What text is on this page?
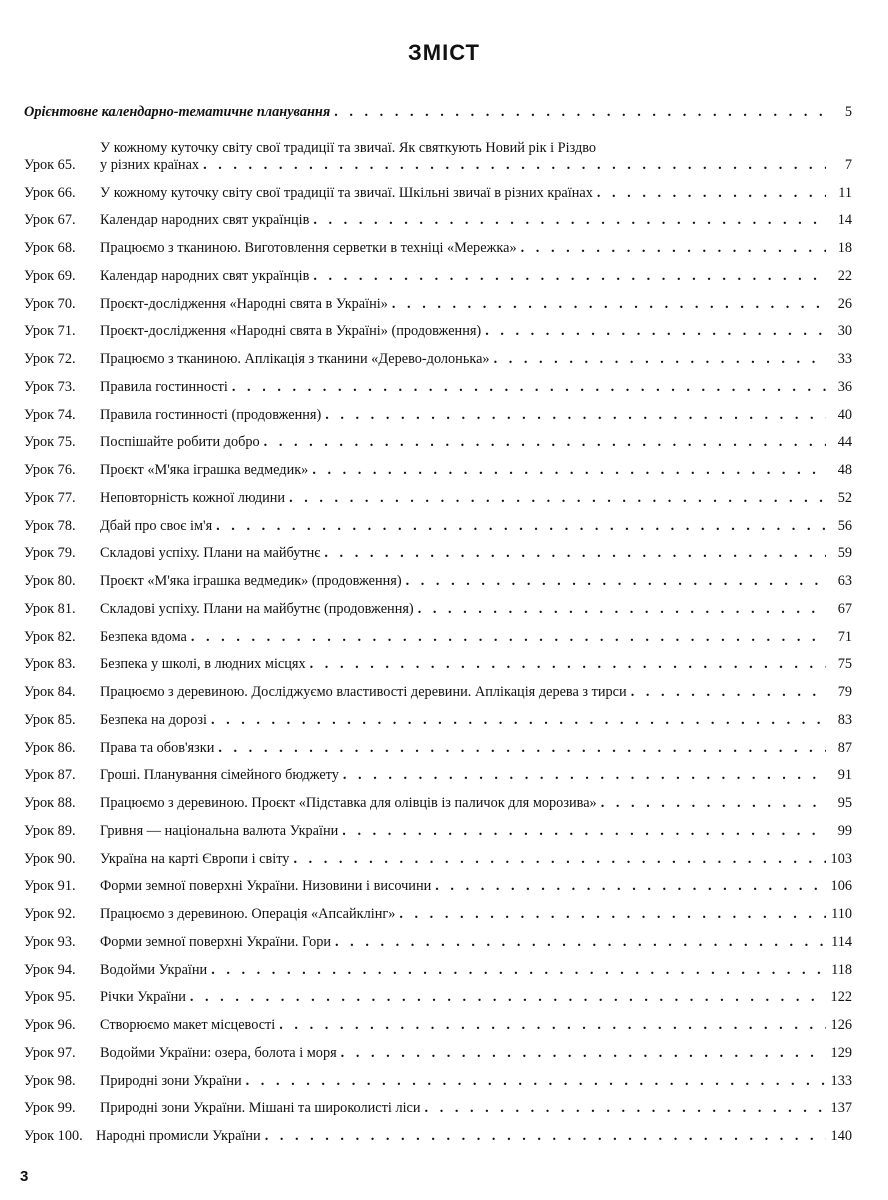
ЗМІСТ
Орієнтовне календарно-тематичне планування . . .	5
Урок 65.
У кожному куточку світу свої традиції та звичаї. Як святкують Новий рік і Різдво
у різних країнах . . .	7
Урок 66.	У кожному куточку світу свої традиції та звичаї. Шкільні звичаї в різних країнах . . .	11
Урок 67.	Календар народних свят українців . . .	14
Урок 68.	Працюємо з тканиною. Виготовлення серветки в техніці «Мережка» . . .	18
Урок 69.	Календар народних свят українців . . .	22
Урок 70.	Проєкт-дослідження «Народні свята в Україні» . . .	26
Урок 71.	Проєкт-дослідження «Народні свята в Україні» (продовження) . . .	30
Урок 72.	Працюємо з тканиною. Аплікація з тканини «Дерево-долонька» . . .	33
Урок 73.	Правила гостинності . . .	36
Урок 74.	Правила гостинності (продовження) . . .	40
Урок 75.	Поспішайте робити добро . . .	44
Урок 76.	Проєкт «М'яка іграшка ведмедик» . . .	48
Урок 77.	Неповторність кожної людини . . .	52
Урок 78.	Дбай про своє ім'я . . .	56
Урок 79.	Складові успіху. Плани на майбутнє . . .	59
Урок 80.	Проєкт «М'яка іграшка ведмедик» (продовження) . . .	63
Урок 81.	Складові успіху. Плани на майбутнє (продовження) . . .	67
Урок 82.	Безпека вдома . . .	71
Урок 83.	Безпека у школі, в людних місцях . . .	75
Урок 84.	Працюємо з деревиною. Досліджуємо властивості деревини. Аплікація дерева з тирси . . .	79
Урок 85.	Безпека на дорозі . . .	83
Урок 86.	Права та обов'язки . . .	87
Урок 87.	Гроші. Планування сімейного бюджету . . .	91
Урок 88.	Працюємо з деревиною. Проєкт «Підставка для олівців із паличок для морозива» . . .	95
Урок 89.	Гривня — національна валюта України . . .	99
Урок 90.	Україна на карті Європи і світу . . .	103
Урок 91.	Форми земної поверхні України. Низовини і височини . . .	106
Урок 92.	Працюємо з деревиною. Операція «Апсайклінг» . . .	110
Урок 93.	Форми земної поверхні України. Гори . . .	114
Урок 94.	Водойми України . . .	118
Урок 95.	Річки України . . .	122
Урок 96.	Створюємо макет місцевості . . .	126
Урок 97.	Водойми України: озера, болота і моря . . .	129
Урок 98.	Природні зони України . . .	133
Урок 99.	Природні зони України. Мішані та широколисті ліси . . .	137
Урок 100. Народні промисли України . . .	140
3
